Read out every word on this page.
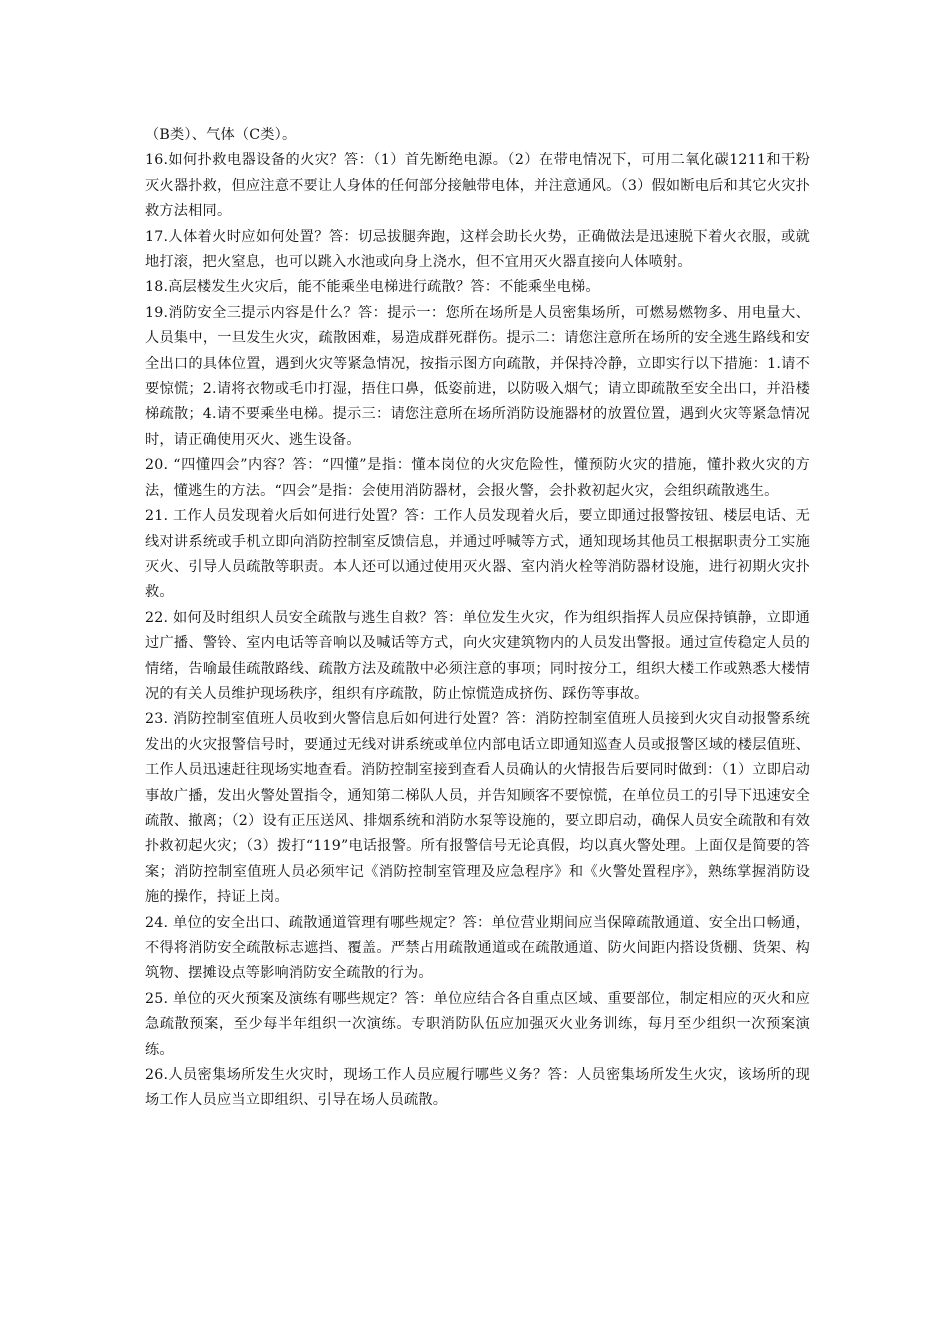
（B类）、气体（C类）。

16.如何扑救电器设备的火灾？答：（1）首先断绝电源。（2）在带电情况下，可用二氧化碳1211和干粉灭火器扑救，但应注意不要让人身体的任何部分接触带电体，并注意通风。（3）假如断电后和其它火灾扑救方法相同。

17.人体着火时应如何处置？答：切忌拔腿奔跑，这样会助长火势，正确做法是迅速脱下着火衣服，或就地打滚，把火窒息，也可以跳入水池或向身上浇水，但不宜用灭火器直接向人体喷射。

18.高层楼发生火灾后，能不能乘坐电梯进行疏散？答：不能乘坐电梯。

19.消防安全三提示内容是什么？答：提示一：您所在场所是人员密集场所，可燃易燃物多、用电量大、人员集中，一旦发生火灾，疏散困难，易造成群死群伤。提示二：请您注意所在场所的安全逃生路线和安全出口的具体位置，遇到火灾等紧急情况，按指示图方向疏散，并保持冷静，立即实行以下措施：1.请不要惊慌；2.请将衣物或毛巾打湿，捂住口鼻，低姿前进，以防吸入烟气；请立即疏散至安全出口，并沿楼梯疏散；4.请不要乘坐电梯。提示三：请您注意所在场所消防设施器材的放置位置，遇到火灾等紧急情况时，请正确使用灭火、逃生设备。

20. “四懂四会”内容？答：“四懂”是指：懂本岗位的火灾危险性，懂预防火灾的措施，懂扑救火灾的方法，懂逃生的方法。“四会”是指：会使用消防器材，会报火警，会扑救初起火灾，会组织疏散逃生。

21. 工作人员发现着火后如何进行处置？答：工作人员发现着火后，要立即通过报警按钮、楼层电话、无线对讲系统或手机立即向消防控制室反馈信息，并通过呼喊等方式，通知现场其他员工根据职责分工实施灭火、引导人员疏散等职责。本人还可以通过使用灭火器、室内消火栓等消防器材设施，进行初期火灾扑救。

22. 如何及时组织人员安全疏散与逃生自救？答：单位发生火灾，作为组织指挥人员应保持镇静，立即通过广播、警铃、室内电话等音响以及喊话等方式，向火灾建筑物内的人员发出警报。通过宣传稳定人员的情绪，告喻最佳疏散路线、疏散方法及疏散中必须注意的事项；同时按分工，组织大楼工作或熟悉大楼情况的有关人员维护现场秩序，组织有序疏散，防止惊慌造成挤伤、踩伤等事故。

23. 消防控制室值班人员收到火警信息后如何进行处置？答：消防控制室值班人员接到火灾自动报警系统发出的火灾报警信号时，要通过无线对讲系统或单位内部电话立即通知巡查人员或报警区域的楼层值班、工作人员迅速赶往现场实地查看。消防控制室接到查看人员确认的火情报告后要同时做到：（1）立即启动事故广播，发出火警处置指令，通知第二梯队人员，并告知顾客不要惊慌，在单位员工的引导下迅速安全疏散、撤离；（2）设有正压送风、排烟系统和消防水泵等设施的，要立即启动，确保人员安全疏散和有效扑救初起火灾；（3）拨打“119”电话报警。所有报警信号无论真假，均以真火警处理。上面仅是简要的答案；消防控制室值班人员必须牢记《消防控制室管理及应急程序》和《火警处置程序》，熟练掌握消防设施的操作，持证上岗。

24. 单位的安全出口、疏散通道管理有哪些规定？答：单位营业期间应当保障疏散通道、安全出口畅通，不得将消防安全疏散标志遮挡、覆盖。严禁占用疏散通道或在疏散通道、防火间距内搭设货棚、货架、构筑物、摆摊设点等影响消防安全疏散的行为。

25. 单位的灭火预案及演练有哪些规定？答：单位应结合各自重点区域、重要部位，制定相应的灭火和应急疏散预案，至少每半年组织一次演练。专职消防队伍应加强灭火业务训练，每月至少组织一次预案演练。

26.人员密集场所发生火灾时，现场工作人员应履行哪些义务？答：人员密集场所发生火灾，该场所的现场工作人员应当立即组织、引导在场人员疏散。
